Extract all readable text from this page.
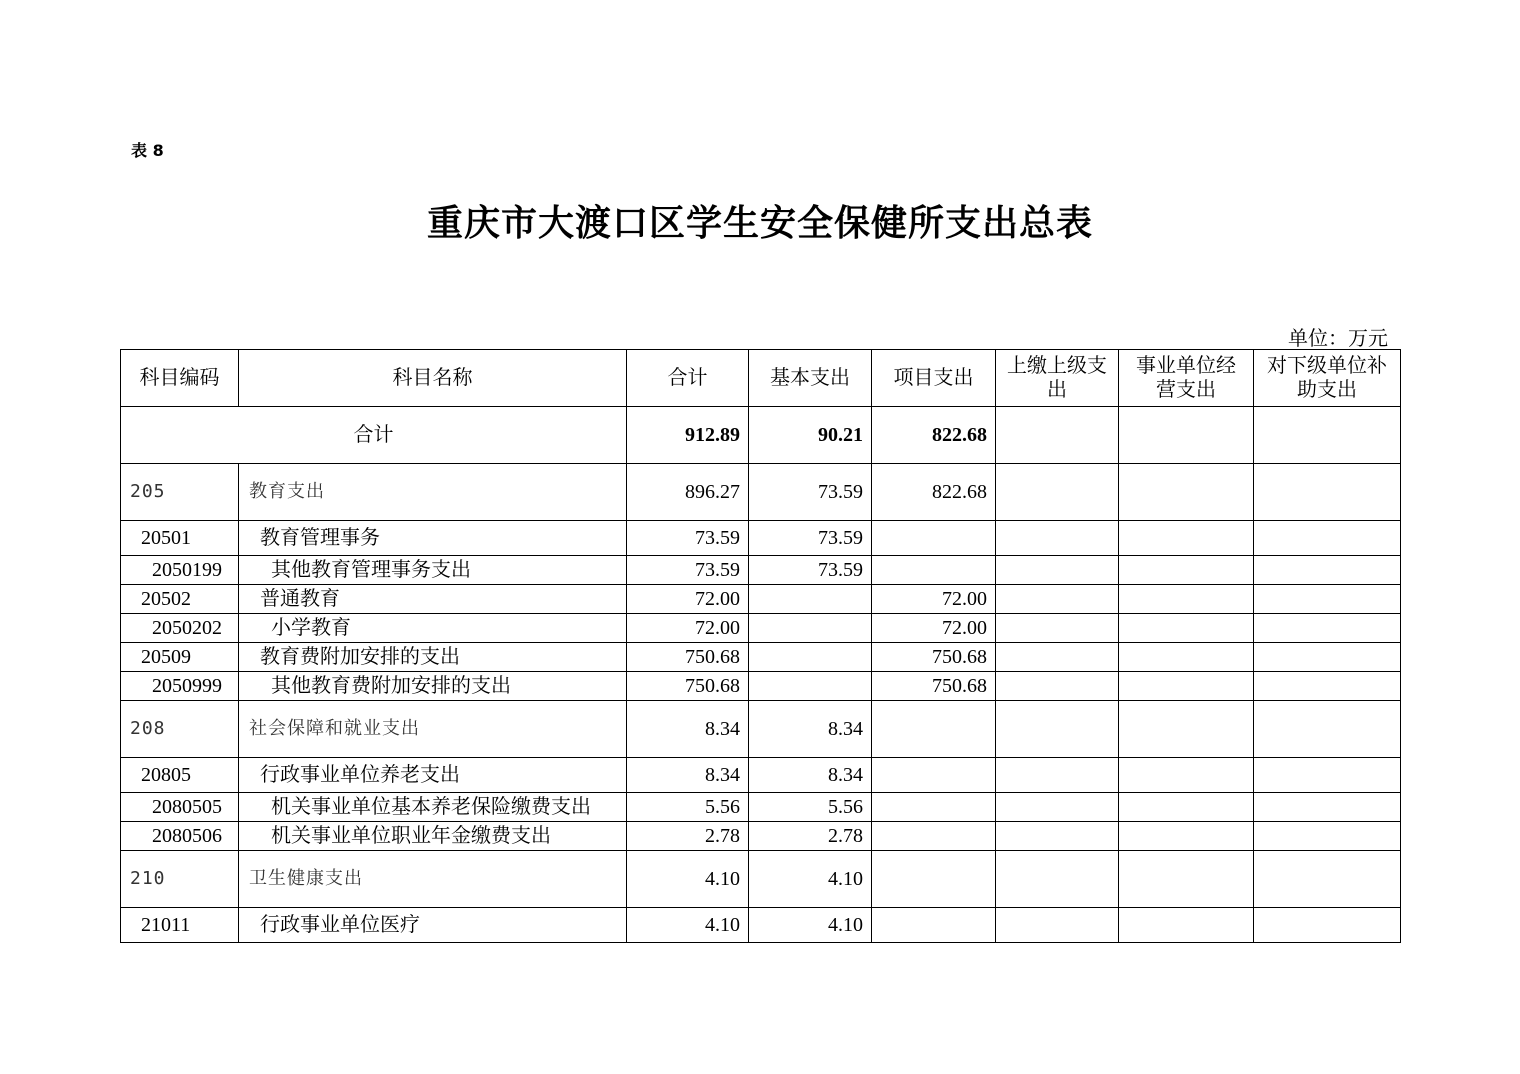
表 8
重庆市大渡口区学生安全保健所支出总表
单位：万元
科目编码	科目名称	合计	基本支出	项目支出	上缴上级支出	事业单位经营支出	对下级单位补助支出
合计		912.89	90.21	822.68			
205	教育支出	896.27	73.59	822.68			
20501	教育管理事务	73.59	73.59				
2050199	其他教育管理事务支出	73.59	73.59				
20502	普通教育	72.00		72.00			
2050202	小学教育	72.00		72.00			
20509	教育费附加安排的支出	750.68		750.68			
2050999	其他教育费附加安排的支出	750.68		750.68			
208	社会保障和就业支出	8.34	8.34				
20805	行政事业单位养老支出	8.34	8.34				
2080505	机关事业单位基本养老保险缴费支出	5.56	5.56				
2080506	机关事业单位职业年金缴费支出	2.78	2.78				
210	卫生健康支出	4.10	4.10				
21011	行政事业单位医疗	4.10	4.10				
